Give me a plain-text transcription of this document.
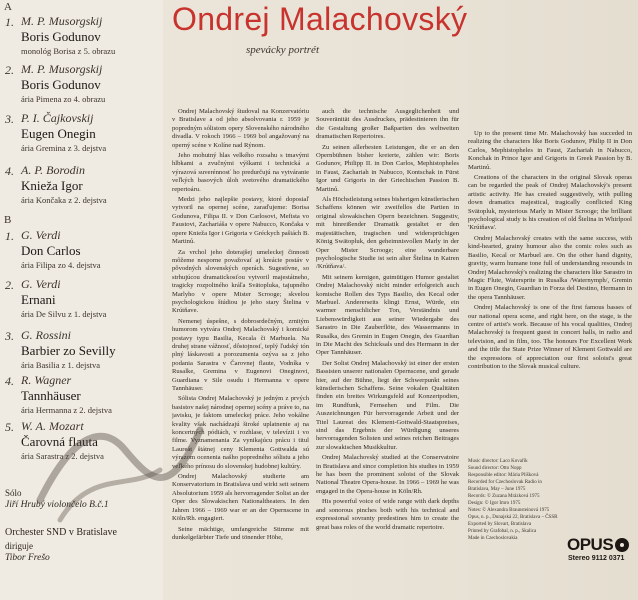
A
1. M. P. Musorgskij
Boris Godunov
monológ Borisa z 5. obrazu
2. M. P. Musorgskij
Boris Godunov
ária Pimena zo 4. obrazu
3. P. I. Čajkovskij
Eugen Onegin
ária Gremina z 3. dejstva
4. A. P. Borodin
Knieža Igor
ária Končaka z 2. dejstva
B
1. G. Verdi
Don Carlos
ária Filipa zo 4. dejstva
2. G. Verdi
Ernani
ária De Silvu z 1. dejstva
3. G. Rossini
Barbier zo Sevilly
ária Basilia z 1. dejstva
4. R. Wagner
Tannhäuser
ária Hermanna z 2. dejstva
5. W. A. Mozart
Čarovná flauta
ária Sarastra z 2. dejstva
Sólo
Jiří Hrubý violončelo B.č.1
Orchester SND v Bratislave
diriguje
Tibor Frešo
Ondrej Malachovský
spevácky portrét

Ondrej Malachovský študoval na Konzervatóriu v Bratislave a od jeho absolvovania r. 1959 je popredným sólistom opery Slovenského národného divadla. V rokoch 1966 – 1969 bol angažovaný na operný scéne v Kolíne nad Rýnom.

Jeho mohutný hlas velkého rozsahu s tmavými hlbkami a zvučnými výškami i technická a výrazová suverénnosť ho predurčujú na vytváranie veľkých basových úloh svetového dramatického repertoáru.

Medzi jeho najlepšie postavy, ktoré doposiaľ vytvoril na opernej scéne, zaraďujeme: Borisa Godunova, Filipa II. v Don Carlosovi, Mefista vo Faustovi, Zachariáša v opere Nabucco, Končaka v opere Knieža Igor i Grigoria v Gréckych pašiách B. Martinů.

Za vrchol jeho doterajšej umeleckej činnosti môžeme nesporne považovať aj kreácie postáv v pôvodných slovenských operách. Sugestívne, so strhujúcou dramatickosťou vytvoril majestátneho, tragicky rozpoltného kráľa Svätopluka, tajupného Marlyho v opere Mister Scrooge; skvelou psychologickou štúdiou je jeho stary Štelina v Krútňave.

Nemenej úspešne, s dobrosrdečným, zrnitým humorom vytvára Ondrej Malachovský i komické postavy typu Basilia, Kecala či Marbuela. Na druhej strane vážnosť, dôstojnosť, teplý ľudský tón plný láskavosti a porozumenia ozýva sa z jeho podania Sarastra v Čarovnej flaute, Vodníka v Rusalke, Gremina v Eugenovi Oneginovi, Guardiana v Sile osudu i Hermanna v opere Tannhäuser.

Sólista Ondrej Malachovský je jedným z prvých basistov našej národnej opernej scény a práve to, na javisku, je faktom umeleckej práce. Jeho vokálne kvality však nachádzajú široké uplatnenie aj na koncertných pódiách, v rozhlase, v televízii i vo filme. Vyznamenania Za vynikajúcu prácu i titul Laureát štátnej ceny Klementa Gottwalda sú výrazom ocenenia našho popredného sólistu a jeho veľkého prínosu do slovenskej hudobnej kultúry.

Ondrej Malachovský studierte am Konservatorium in Bratislava und wirkt seit seinem Absolutorium 1959 als hervorragender Solist an der Oper des Slowakischen Nationaltheaters. In den Jahren 1966 – 1969 war er an der Opernscene in Köln/Rh. engagiert.

Seine mächtige, umfangreiche Stimme mit dunkelgefärbter Tiefe und tönender Höhe,

auch die technische Ausgeglichenheit und Souveränität des Ausdruckes, prädestinieren ihn für die Gestaltung großer Baßpartien des weltweiten dramatischen Repertoires.

Zu seinen allerbesten Leistungen, die er an den Opernbühnen bisher kreierte, zählen wir: Boris Godunov, Philipp II. in Don Carlos, Mephistopheles in Faust, Zachariah in Nabucco, Kontschak in Fürst Igor und Grigoris in der Griechischen Passion B. Martinů.

Als Höchstleistung seines bisherigen künstlerischen Schaffens können wir zweifellos die Partien in original slowakischen Opern bezeichnen. Suggestiv, mit hinreißender Dramatik gestaltet er den majestätischen, tragischen und widersprüchigen König Swätopluk, den geheimnisvollen Marly in der Oper Mister Scrooge; eine wunderbare psychologische Studie ist sein alter Štelina in Katren /Krútňava/.

Mit seinem kernigen, gutmütigen Humor gestaltet Ondrej Malachovský nicht minder erfolgreich auch komische Rollen des Typs Basilio, des Kecal oder Marbuel. Andererseits klingt Ernst, Würde, ein warmer menschlicher Ton, Verständnis und Liebenswürdigkeit aus seiner Wiedergabe des Sarastro in Die Zauberflöte, des Wassermanns in Rusalka, des Gremin in Eugen Onegin, des Guardian in Die Macht des Schicksals und des Hermann in der Oper Tannhäuser.

Der Solist Ondrej Malachovský ist einer der ersten Bassisten unserer nationalen Opernscene, und gerade hier, auf der Bühne, liegt der Schwerpunkt seines künstlerischen Schaffens. Seine vokalen Qualitäten finden ein breites Wirkungsfeld auf Konzertpodien, im Rundfunk, Fernsehen und Film. Die Auszeichnungen Für hervorragende Arbeit und der Titel Laureat des Klement-Gottwald-Staatspreises, sind das Ergebnis der Würdigung unseres hervorragenden Solisten und seines reichen Beitrages zur slowakischen Musikkultur.

Ondrej Malachovský studied at the Conservatoire in Bratislava and since completion his studies in 1959 he has been the prominent soloist of the Slovak National Theatre Opera-house. In 1966 – 1969 he was engaged in the Opera-house in Köln/Rh.

His powerful voice of wide range with dark depths and sonorous pinches both with his technical and expressional sovranty predestines him to create the great bass roles of the world dramatic repertoire.

Up to the present time Mr. Malachovský has succeded in realizing the characters like Boris Godunov, Philip II in Don Carlos, Mephistopheles in Faust, Zachariah in Nabucco, Konchak in Prince Igor and Grigoris in Greek Passion by B. Martinů.

Creations of the characters in the original Slovak operas can be regarded the peak of Ondrej Malachovský's present artistic activity. He has created suggestively, with pulling down dramatics majestical, tragically conflicted King Svätopluk, mysterious Marly in Mister Scrooge; the brilliant psychological study is his creation of old Štelina in Whirlpool 'Krútňava'.

Ondrej Malachovský creates with the same success, with kind-hearted, grainy humour also the comic roles such as Basilio, Kecal or Marbuel are. On the other hand dignity, gravity, warm humane tone full of understanding resounds in Ondrej Malachovský's realizing the characters like Sarastro in Magic Flute, Watersprite in Rusalka /Waternymph/, Gremin in Eugen Onegin, Guardian in Forza del Destino, Hermann in the opera Tannhäuser.

Ondrej Malachovský is one of the first famous basses of our national opera scene, and right here, on the stage, is the centre of artist's work. Because of his vocal qualities, Ondrej Malachovský is frequent guest in concert halls, in radio and television, and in film, too. The honours For Excellent Work and the title the State Prize Winner of Klement Gottwald are the expressions of appreciation our first soloist's great contribution to the Slovak musical culture.

Music director: Laco Kovařík
Sound director: Otto Nopp
Responsible editor: Mária Plíšková
Recorded for Czechoslovak Radio in
Bratislava, May – June 1975
Records: © Zuzana Mrázková 1975
Design: © Igor Imro 1975
Notes: © Alexandra Braunsteinová 1975
Opus, n. p., Dunajská 22, Bratislava – ČSSR
Exported by Slovart, Bratislava
Printed by Grafobal, n. p., Skalica
Made in Czechoslovakia	OPUS
Stereo 9112 0371
